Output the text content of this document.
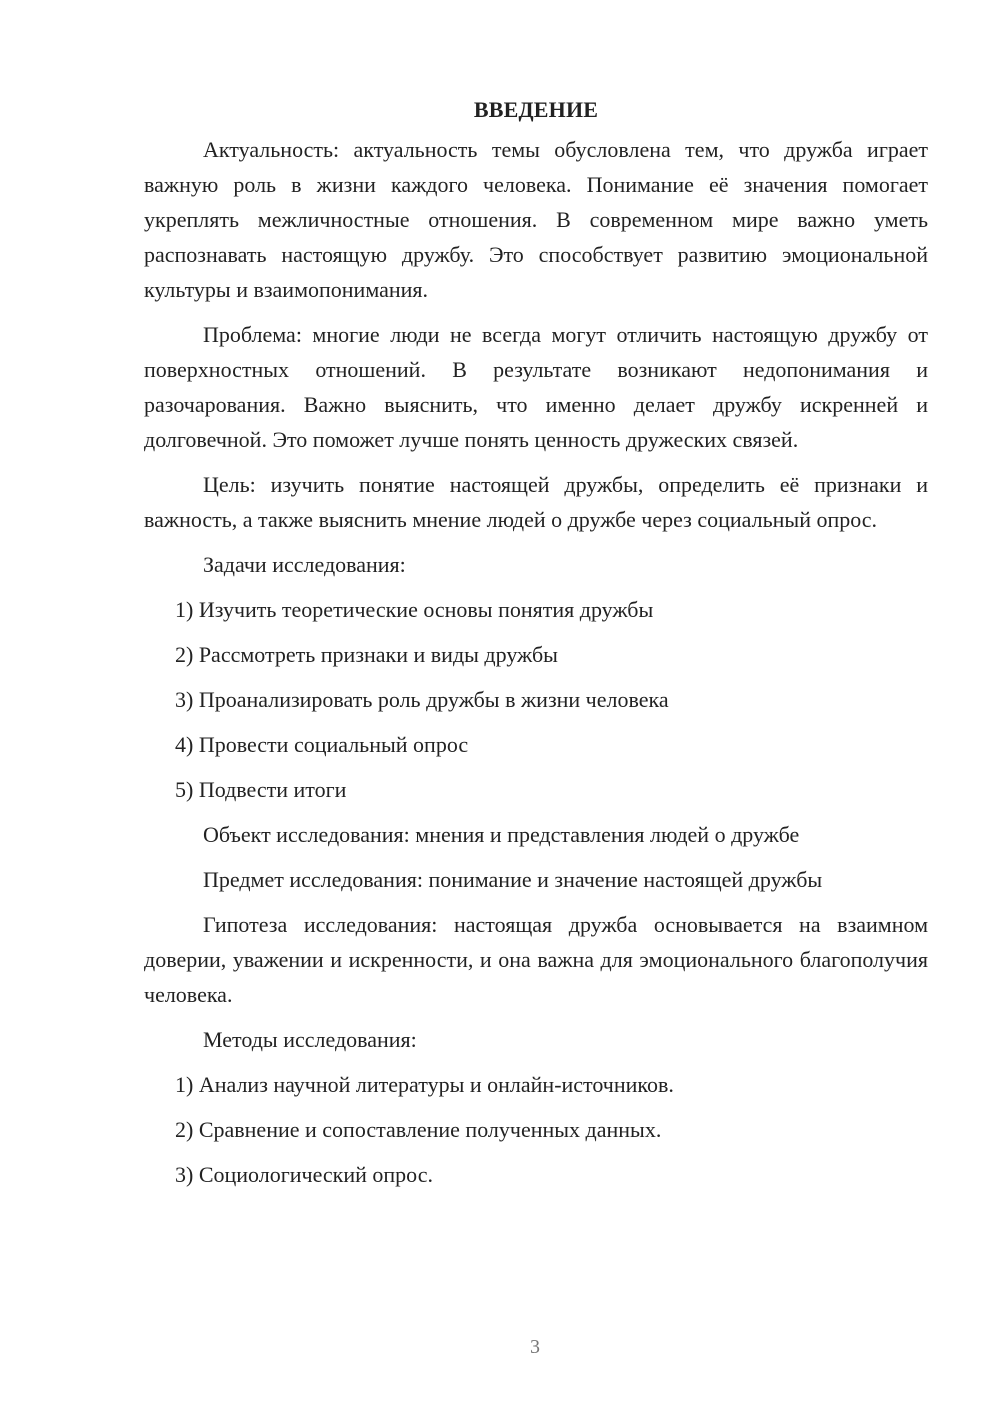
ВВЕДЕНИЕ

Актуальность: актуальность темы обусловлена тем, что дружба играет важную роль в жизни каждого человека. Понимание её значения помогает укреплять межличностные отношения. В современном мире важно уметь распознавать настоящую дружбу. Это способствует развитию эмоциональной культуры и взаимопонимания.

Проблема: многие люди не всегда могут отличить настоящую дружбу от поверхностных отношений. В результате возникают недопонимания и разочарования. Важно выяснить, что именно делает дружбу искренней и долговечной. Это поможет лучше понять ценность дружеских связей.

Цель: изучить понятие настоящей дружбы, определить её признаки и важность, а также выяснить мнение людей о дружбе через социальный опрос.

Задачи исследования:
1) Изучить теоретические основы понятия дружбы
2) Рассмотреть признаки и виды дружбы
3) Проанализировать роль дружбы в жизни человека
4) Провести социальный опрос
5) Подвести итоги
Объект исследования: мнения и представления людей о дружбе
Предмет исследования: понимание и значение настоящей дружбы

Гипотеза исследования: настоящая дружба основывается на взаимном доверии, уважении и искренности, и она важна для эмоционального благополучия человека.

Методы исследования:
1) Анализ научной литературы и онлайн-источников.
2) Сравнение и сопоставление полученных данных.
3) Социологический опрос.
3
